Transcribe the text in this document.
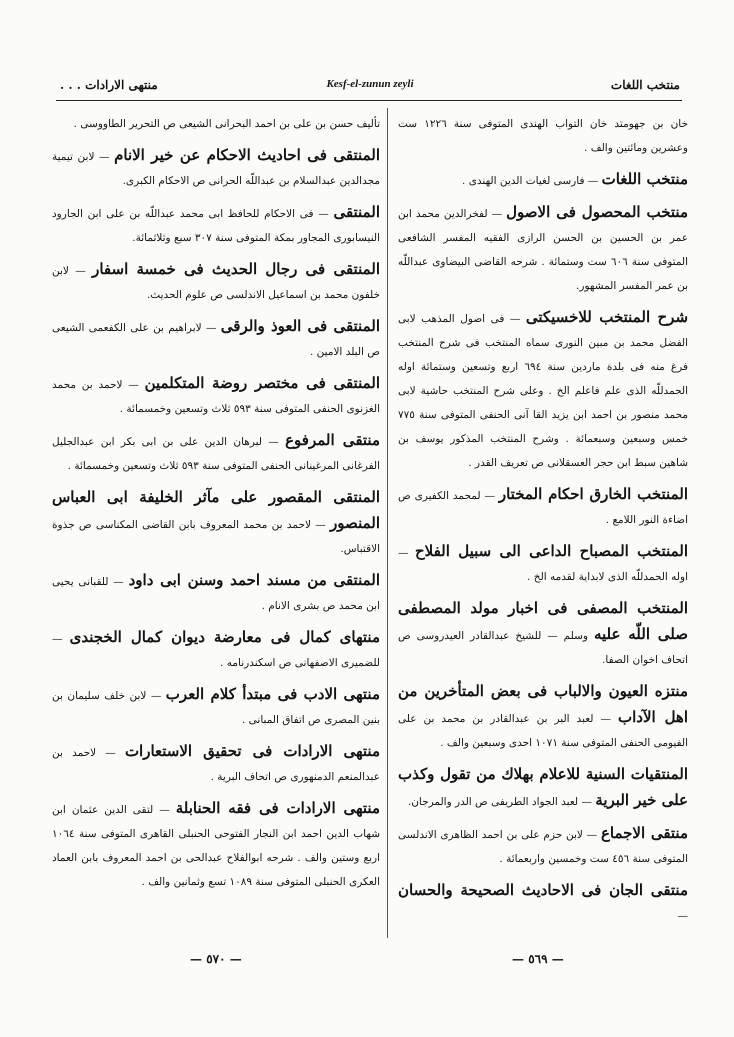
منتخب اللغات
Kesf-el-zunun zeyli
منتهى الارادات . . .

خان بن جهومتد خان التواب الهندى المتوفى سنة ١٢٢٦ ست وعشرين ومائتين والف .

منتخب اللغات — فارسى لغيات الدين الهندى .

منتخب المحصول فى الاصول — لفخرالدين محمد ابن عمر بن الحسين بن الحسن الرازى الفقيه المفسر الشافعى المتوفى سنة ٦٠٦ ست وستمائة . شرحه القاضى البيضاوى عبداللّه بن عمر المفسر المشهور.

شرح المنتخب للاخسيكتى — فى اصول المذهب لابى الفضل محمد بن مبين النورى سماه المنتخب فى شرح المنتخب فرغ منه فى بلدة ماردين سنة ٦٩٤ اربع وتسعين وستمائة اوله الحمدللّه الذى علم فاعلم الخ . وعلى شرح المنتخب حاشية لابى محمد منصور بن احمد ابن يزيد القا آنى الحنفى المتوفى سنة ٧٧٥ خمس وسبعين وسبعمائة . وشرح المنتخب المذكور يوسف بن شاهين سبط ابن حجر العسقلانى ص تعريف القدر .

المنتخب الخارق احكام المختار — لمحمد الكفيرى ص اضاءة النور اللامع .

المنتخب المصباح الداعى الى سبيل الفلاح — اوله الحمدللّه الذى لابداية لقدمه الخ .

المنتخب المصفى فى اخبار مولد المصطفى صلى اللّه عليه وسلم — للشيخ عبدالقادر العيدروسى ص اتحاف اخوان الصفا.

منتزه العيون والالباب فى بعض المتأخرين من اهل الآداب — لعبد البر بن عبدالقادر بن محمد بن على الفيومى الحنفى المتوفى سنة ١٠٧١ احدى وسبعين والف .

المنتقيات السنية للاعلام بهلاك من تقول وكذب على خير البرية — لعبد الجواد الطريفى ص الدر والمرجان.

منتقى الاجماع — لابن حزم على بن احمد الظاهرى الاندلسى المتوفى سنة ٤٥٦ ست وخمسين واربعمائة .

منتقى الجان فى الاحاديث الصحيحة والحسان —

تأليف حسن بن على بن احمد البحرانى الشيعى ص التحرير الطاووسى .

المنتقى فى احاديث الاحكام عن خير الانام — لابن تيمية مجدالدين عبدالسلام بن عبداللّه الحرانى ص الاحكام الكبرى.

المنتقى — فى الاحكام للحافظ ابى محمد عبداللّه بن على ابن الجارود النيسابورى المجاور بمكة المتوفى سنة ٣٠٧ سبع وثلاثمائة.

المنتقى فى رجال الحديث فى خمسة اسفار — لابن خلفون محمد بن اسماعيل الاندلسى ص علوم الحديث.

المنتقى فى العوذ والرقى — لابراهيم بن على الكفعمى الشيعى ص البلد الامين .

المنتقى فى مختصر روضة المتكلمين — لاحمد بن محمد الغزنوى الحنفى المتوفى سنة ٥٩٣ ثلاث وتسعين وخمسمائة .

منتقى المرفوع — لبرهان الدين على بن ابى بكر ابن عبدالجليل الفرغانى المرغينانى الحنفى المتوفى سنة ٥٩٣ ثلاث وتسعين وخمسمائة .

المنتقى المقصور على مآثر الخليفة ابى العباس المنصور — لاحمد بن محمد المعروف بابن القاضى المكناسى ص جذوة الاقتباس.

المنتقى من مسند احمد وسنن ابى داود — للقبانى يحيى ابن محمد ص بشرى الانام .

منتهاى كمال فى معارضة ديوان كمال الخجندى — للضميرى الاصفهانى ص اسكندرنامه .

منتهى الادب فى مبتدأ كلام العرب — لابن خلف سليمان بن بنين المصرى ص اتفاق المبانى .

منتهى الارادات فى تحقيق الاستعارات — لاحمد بن عبدالمنعم الدمنهورى ص اتحاف البرية .

منتهى الارادات فى فقه الحنابلة — لتقى الدين عثمان ابن شهاب الدين احمد ابن النجار الفتوحى الحنبلى القاهرى المتوفى سنة ١٠٦٤ اربع وستين والف . شرحه ابوالفلاح عبدالحى بن احمد المعروف بابن العماد العكرى الحنبلى المتوفى سنة ١٠٨٩ تسع وثمانين والف .

— ٥٦٩ —
— ٥٧٠ —
